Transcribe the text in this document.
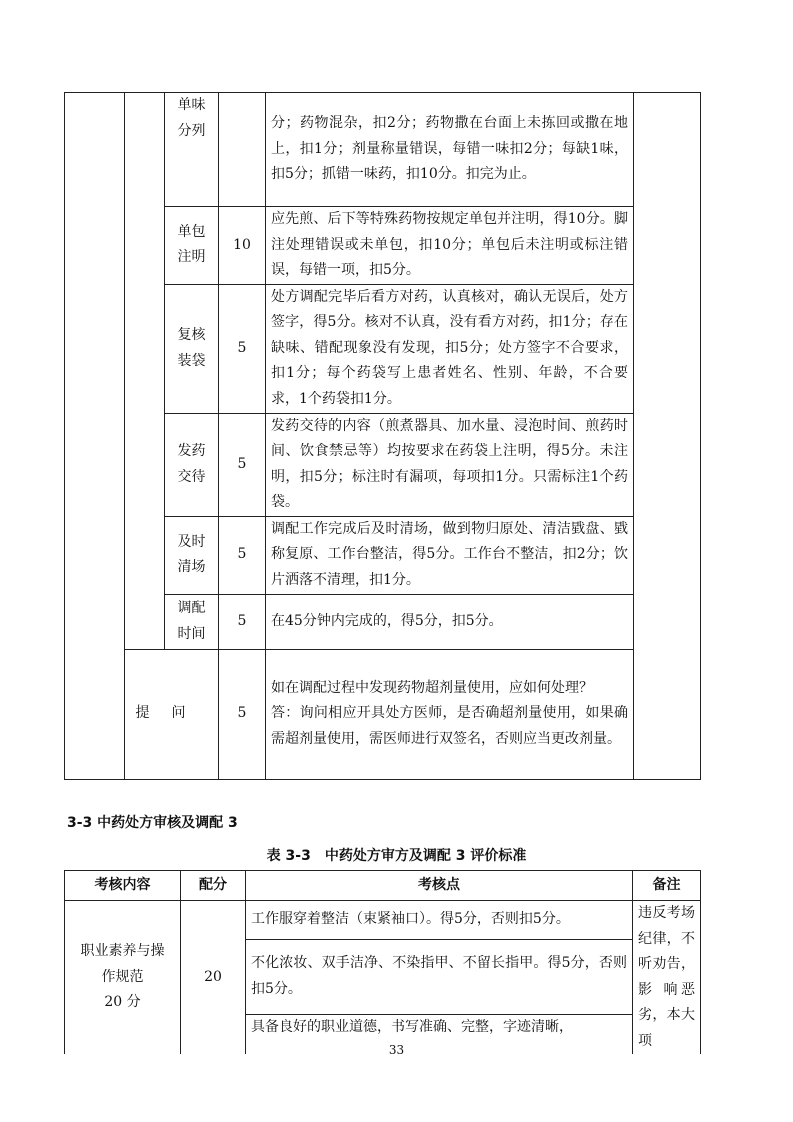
		单味分列		分；药物混杂，扣2分；药物撒在台面上未拣回或撒在地上，扣1分；剂量称量错误，每错一味扣2分；每缺1味，扣5分；抓错一味药，扣10分。扣完为止。	

		单包注明	10	应先煎、后下等特殊药物按规定单包并注明，得10分。脚注处理错误或未单包，扣10分；单包后未注明或标注错误，每错一项，扣5分。	

		复核装袋	5	处方调配完毕后看方对药，认真核对，确认无误后，处方签字，得5分。核对不认真，没有看方对药，扣1分；存在缺味、错配现象没有发现，扣5分；处方签字不合要求，扣1分；每个药袋写上患者姓名、性别、年龄，不合要求，1个药袋扣1分。	

		发药交待	5	发药交待的内容（煎煮器具、加水量、浸泡时间、煎药时间、饮食禁忌等）均按要求在药袋上注明，得5分。未注明，扣5分；标注时有漏项，每项扣1分。只需标注1个药袋。	

		及时清场	5	调配工作完成后及时清场，做到物归原处、清洁戥盘、戥称复原、工作台整洁，得5分。工作台不整洁，扣2分；饮片洒落不清理，扣1分。	

		调配时间	5	在45分钟内完成的，得5分，扣5分。	
	提问		5	如在调配过程中发现药物超剂量使用，应如何处理？
答：询问相应开具处方医师，是否确超剂量使用，如果确需超剂量使用，需医师进行双签名，否则应当更改剂量。	
3-3 中药处方审核及调配 3
表 3-3　中药处方审方及调配 3 评价标准
考核内容	配分	考核点	备注

职业素养与操作规范
20 分	20	工作服穿着整洁（束紧袖口）。得5分，否则扣5分。	违反考场纪律，不听劝告，影 响恶劣，本大项
		不化浓妆、双手洁净、不染指甲、不留长指甲。得5分，否则扣5分。	
		具备良好的职业道德，书写准确、完整，字迹清晰，	
33
